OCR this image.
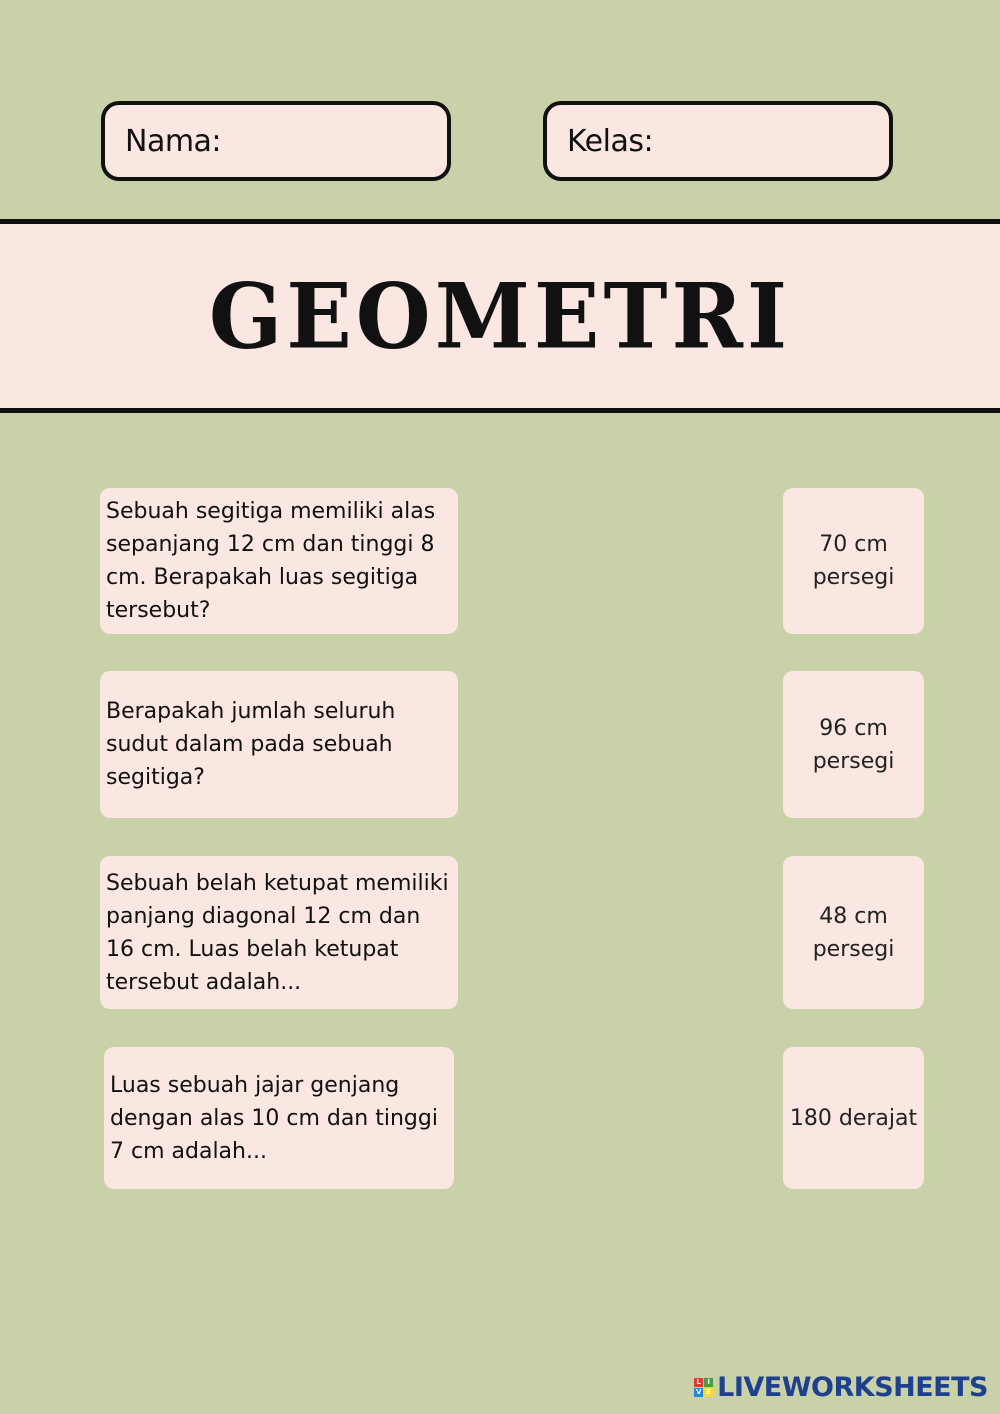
Nama:	Kelas:
GEOMETRI
Sebuah segitiga memiliki alas sepanjang 12 cm dan tinggi 8 cm. Berapakah luas segitiga tersebut?
Berapakah jumlah seluruh sudut dalam pada sebuah segitiga?
Sebuah belah ketupat memiliki panjang diagonal 12 cm dan 16 cm. Luas belah ketupat tersebut adalah...
Luas sebuah jajar genjang dengan alas 10 cm dan tinggi 7 cm adalah...
70 cm persegi
96 cm persegi
48 cm persegi
180 derajat
L I
V E LIVEWORKSHEETS
